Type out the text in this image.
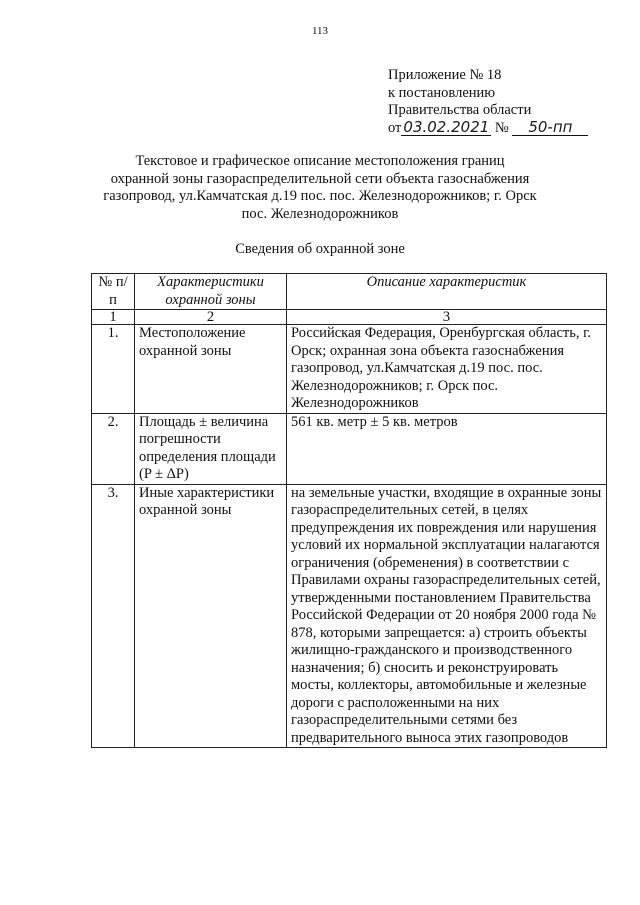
113
Приложение № 18
к постановлению
Правительства области
от 03.02.2021 № 50-пп
Текстовое и графическое описание местоположения границ
охранной зоны газораспределительной сети объекта газоснабжения
газопровод, ул.Камчатская д.19 пос. пос. Железнодорожников; г. Орск
пос. Железнодорожников
Сведения об охранной зоне
№ п/п	Характеристики охранной зоны	Описание характеристик
1	2	3
1.	Местоположение охранной зоны	Российская Федерация, Оренбургская область, г. Орск; охранная зона объекта газоснабжения газопровод, ул.Камчатская д.19 пос. пос. Железнодорожников; г. Орск пос. Железнодорожников
2.	Площадь ± величина погрешности определения площади (P ± ΔP)	561 кв. метр ± 5 кв. метров
3.	Иные характеристики охранной зоны	на земельные участки, входящие в охранные зоны газораспределительных сетей, в целях предупреждения их повреждения или нарушения условий их нормальной эксплуатации налагаются ограничения (обременения) в соответствии с Правилами охраны газораспределительных сетей, утвержденными постановлением Правительства Российской Федерации от 20 ноября 2000 года № 878, которыми запрещается: а) строить объекты жилищно-гражданского и производственного назначения; б) сносить и реконструировать мосты, коллекторы, автомобильные и железные дороги с расположенными на них газораспределительными сетями без предварительного выноса этих газопроводов
